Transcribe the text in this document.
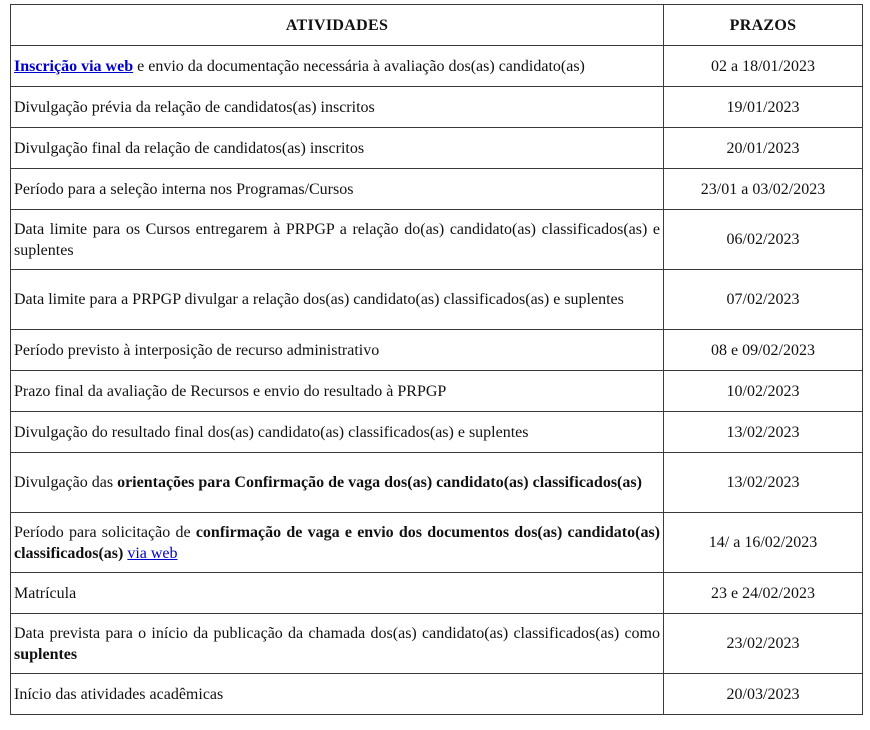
ATIVIDADES	PRAZOS
Inscrição via web e envio da documentação necessária à avaliação dos(as) candidato(as)	02 a 18/01/2023
Divulgação prévia da relação de candidatos(as) inscritos	19/01/2023
Divulgação final da relação de candidatos(as) inscritos	20/01/2023
Período para a seleção interna nos Programas/Cursos	23/01 a 03/02/2023
Data limite para os Cursos entregarem à PRPGP a relação do(as) candidato(as) classificados(as) e suplentes	06/02/2023
Data limite para a PRPGP divulgar a relação dos(as) candidato(as) classificados(as) e suplentes	07/02/2023
Período previsto à interposição de recurso administrativo	08 e 09/02/2023
Prazo final da avaliação de Recursos e envio do resultado à PRPGP	10/02/2023
Divulgação do resultado final dos(as) candidato(as) classificados(as) e suplentes	13/02/2023
Divulgação das orientações para Confirmação de vaga dos(as) candidato(as) classificados(as)	13/02/2023
Período para solicitação de confirmação de vaga e envio dos documentos dos(as) candidato(as) classificados(as) via web	14/ a 16/02/2023
Matrícula	23 e 24/02/2023
Data prevista para o início da publicação da chamada dos(as) candidato(as) classificados(as) como suplentes	23/02/2023
Início das atividades acadêmicas	20/03/2023
